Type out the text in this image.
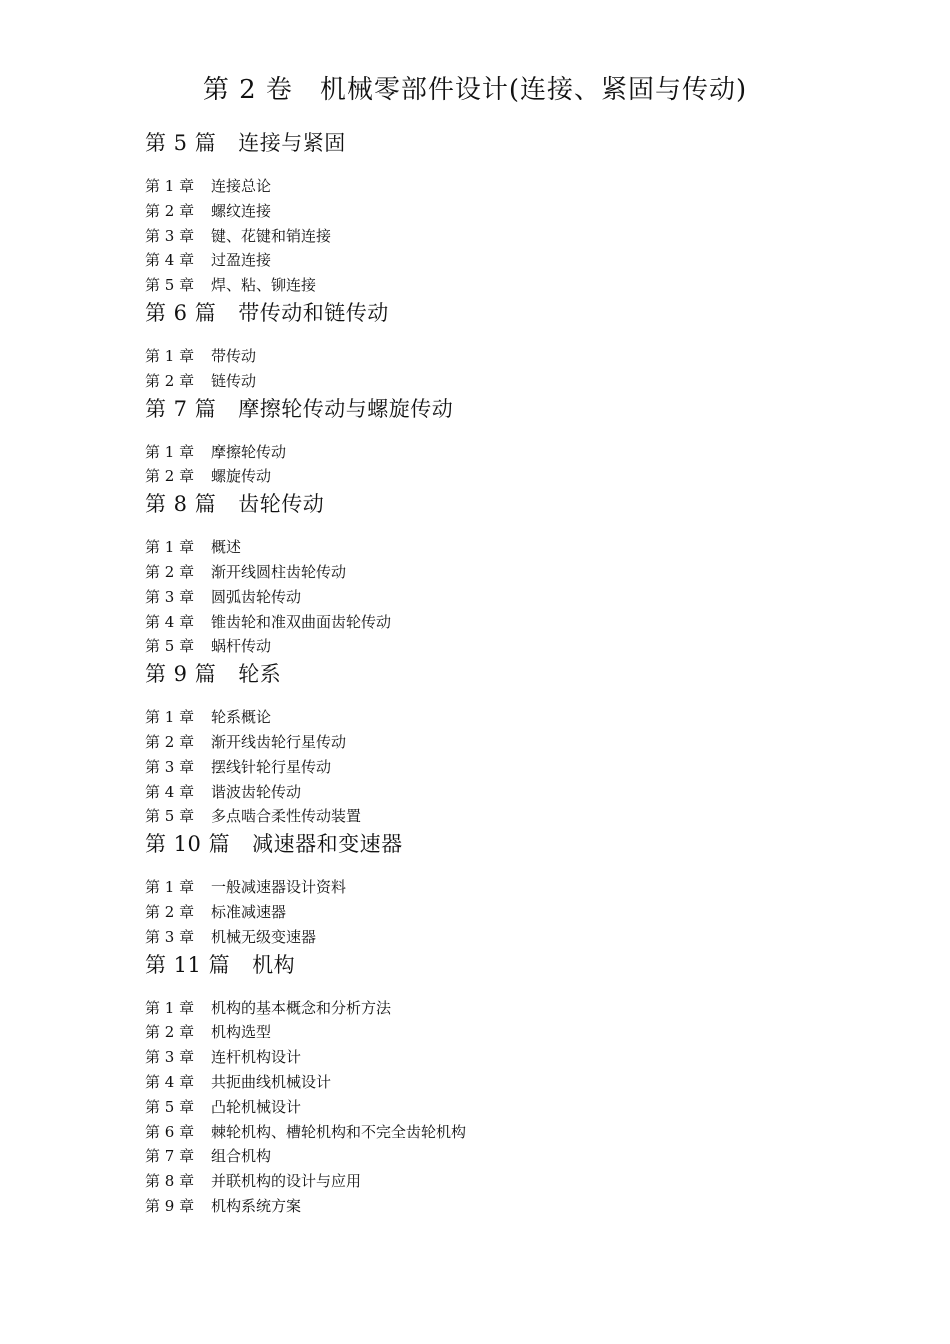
第 2 卷　机械零部件设计(连接、紧固与传动)
第 5 篇 连接与紧固
第 1 章 连接总论
第 2 章 螺纹连接
第 3 章 键、花键和销连接
第 4 章 过盈连接
第 5 章 焊、粘、铆连接
第 6 篇 带传动和链传动
第 1 章 带传动
第 2 章 链传动
第 7 篇 摩擦轮传动与螺旋传动
第 1 章 摩擦轮传动
第 2 章 螺旋传动
第 8 篇 齿轮传动
第 1 章 概述
第 2 章 渐开线圆柱齿轮传动
第 3 章 圆弧齿轮传动
第 4 章 锥齿轮和准双曲面齿轮传动
第 5 章 蜗杆传动
第 9 篇 轮系
第 1 章 轮系概论
第 2 章 渐开线齿轮行星传动
第 3 章 摆线针轮行星传动
第 4 章 谐波齿轮传动
第 5 章 多点啮合柔性传动装置
第 10 篇 减速器和变速器
第 1 章 一般减速器设计资料
第 2 章 标准减速器
第 3 章 机械无级变速器
第 11 篇 机构
第 1 章 机构的基本概念和分析方法
第 2 章 机构选型
第 3 章 连杆机构设计
第 4 章 共扼曲线机械设计
第 5 章 凸轮机械设计
第 6 章 棘轮机构、槽轮机构和不完全齿轮机构
第 7 章 组合机构
第 8 章 并联机构的设计与应用
第 9 章 机构系统方案
